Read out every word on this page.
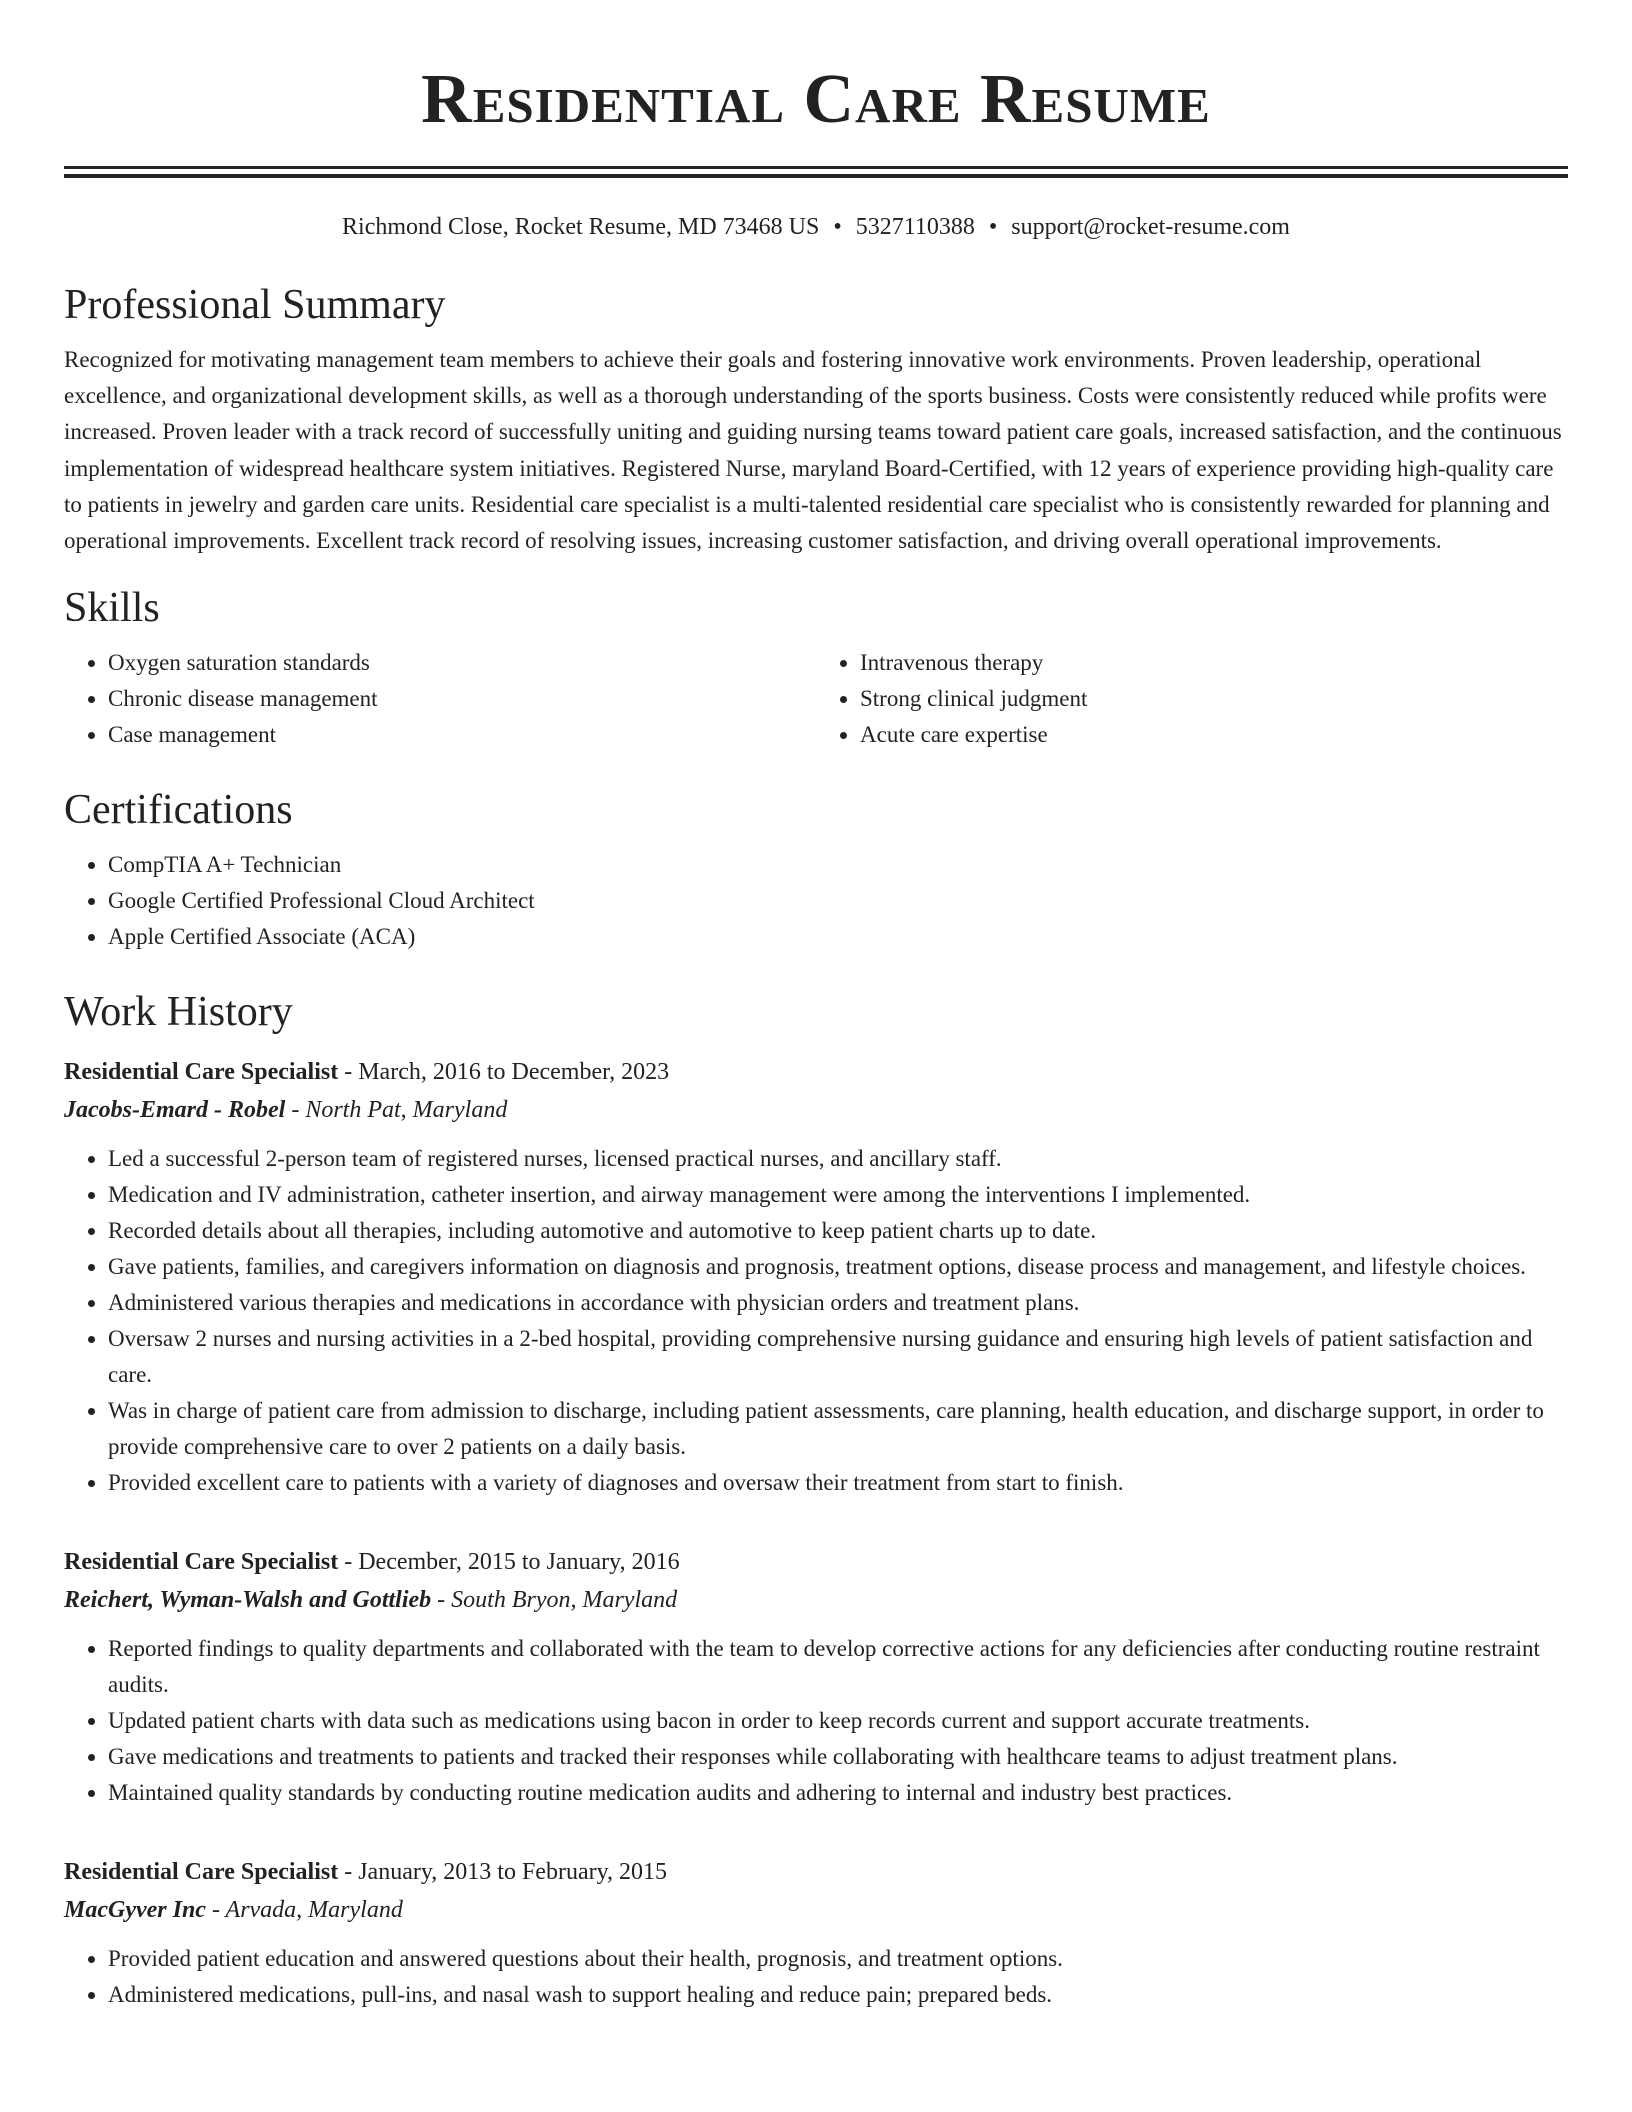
Residential Care Resume
Richmond Close, Rocket Resume, MD 73468 US • 5327110388 • support@rocket-resume.com
Professional Summary

Recognized for motivating management team members to achieve their goals and fostering innovative work environments. Proven leadership, operational excellence, and organizational development skills, as well as a thorough understanding of the sports business. Costs were consistently reduced while profits were increased. Proven leader with a track record of successfully uniting and guiding nursing teams toward patient care goals, increased satisfaction, and the continuous implementation of widespread healthcare system initiatives. Registered Nurse, maryland Board-Certified, with 12 years of experience providing high-quality care to patients in jewelry and garden care units. Residential care specialist is a multi-talented residential care specialist who is consistently rewarded for planning and operational improvements. Excellent track record of resolving issues, increasing customer satisfaction, and driving overall operational improvements.

Skills
• Oxygen saturation standards
• Chronic disease management
• Case management
• Intravenous therapy
• Strong clinical judgment
• Acute care expertise
Certifications
• CompTIA A+ Technician
• Google Certified Professional Cloud Architect
• Apple Certified Associate (ACA)
Work History
Residential Care Specialist - March, 2016 to December, 2023
Jacobs-Emard - Robel - North Pat, Maryland
• Led a successful 2-person team of registered nurses, licensed practical nurses, and ancillary staff.
• Medication and IV administration, catheter insertion, and airway management were among the interventions I implemented.
• Recorded details about all therapies, including automotive and automotive to keep patient charts up to date.
• Gave patients, families, and caregivers information on diagnosis and prognosis, treatment options, disease process and management, and lifestyle choices.
• Administered various therapies and medications in accordance with physician orders and treatment plans.
• Oversaw 2 nurses and nursing activities in a 2-bed hospital, providing comprehensive nursing guidance and ensuring high levels of patient satisfaction and care.
• Was in charge of patient care from admission to discharge, including patient assessments, care planning, health education, and discharge support, in order to provide comprehensive care to over 2 patients on a daily basis.
• Provided excellent care to patients with a variety of diagnoses and oversaw their treatment from start to finish.
Residential Care Specialist - December, 2015 to January, 2016
Reichert, Wyman-Walsh and Gottlieb - South Bryon, Maryland
• Reported findings to quality departments and collaborated with the team to develop corrective actions for any deficiencies after conducting routine restraint audits.
• Updated patient charts with data such as medications using bacon in order to keep records current and support accurate treatments.
• Gave medications and treatments to patients and tracked their responses while collaborating with healthcare teams to adjust treatment plans.
• Maintained quality standards by conducting routine medication audits and adhering to internal and industry best practices.
Residential Care Specialist - January, 2013 to February, 2015
MacGyver Inc - Arvada, Maryland
• Provided patient education and answered questions about their health, prognosis, and treatment options.
• Administered medications, pull-ins, and nasal wash to support healing and reduce pain; prepared beds.
